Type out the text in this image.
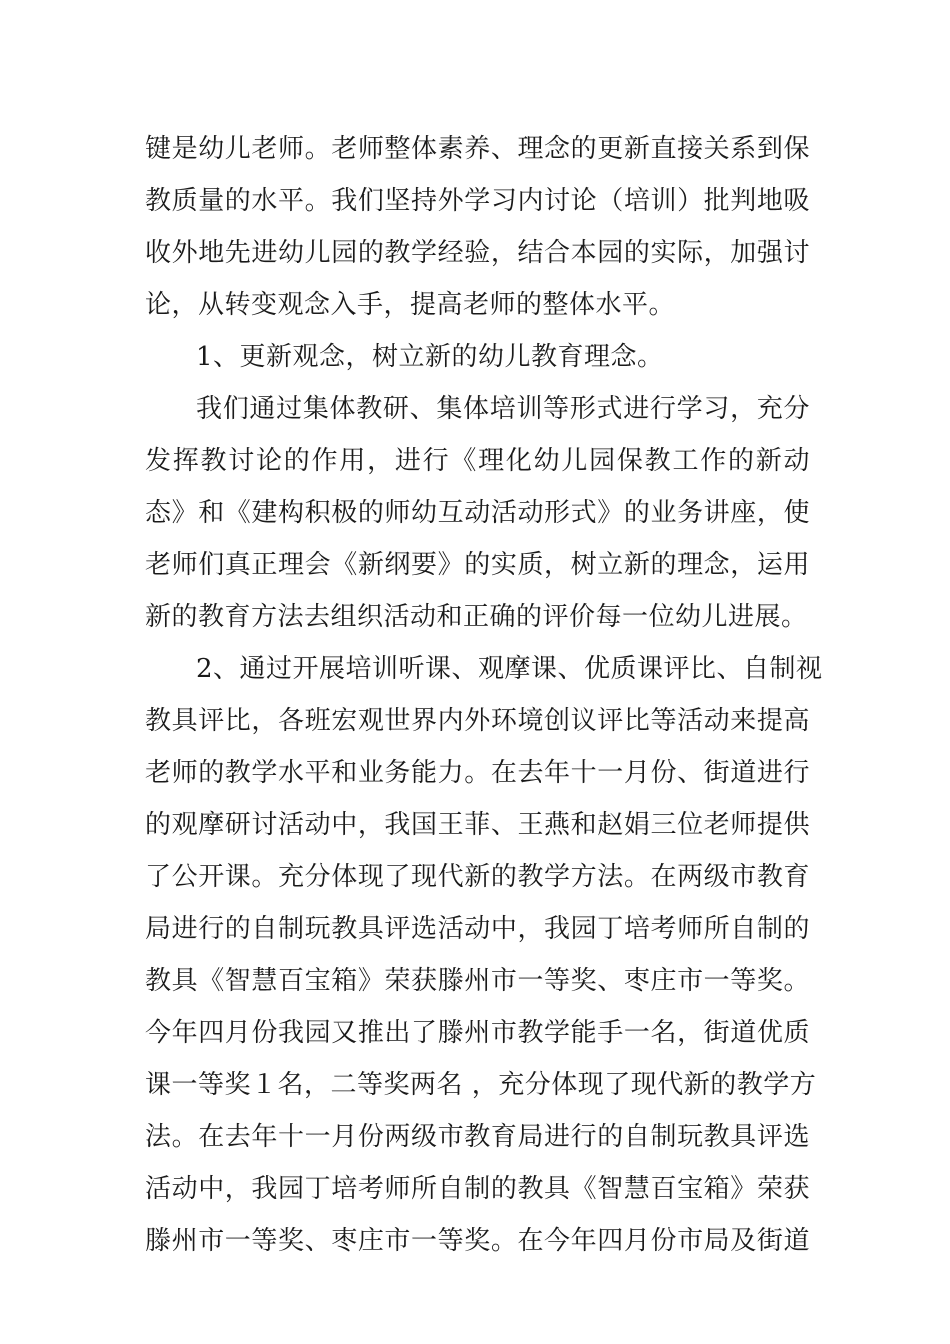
键是幼儿老师。老师整体素养、理念的更新直接关系到保
教质量的水平。我们坚持外学习内讨论（培训）批判地吸
收外地先进幼儿园的教学经验，结合本园的实际，加强讨
论，从转变观念入手，提高老师的整体水平。
1、更新观念，树立新的幼儿教育理念。
我们通过集体教研、集体培训等形式进行学习，充分
发挥教讨论的作用，进行《理化幼儿园保教工作的新动
态》和《建构积极的师幼互动活动形式》的业务讲座，使
老师们真正理会《新纲要》的实质，树立新的理念，运用
新的教育方法去组织活动和正确的评价每一位幼儿进展。
2、通过开展培训听课、观摩课、优质课评比、自制视
教具评比，各班宏观世界内外环境创议评比等活动来提高
老师的教学水平和业务能力。在去年十一月份、街道进行
的观摩研讨活动中，我国王菲、王燕和赵娟三位老师提供
了公开课。充分体现了现代新的教学方法。在两级市教育
局进行的自制玩教具评选活动中，我园丁培考师所自制的
教具《智慧百宝箱》荣获滕州市一等奖、枣庄市一等奖。
今年四月份我园又推出了滕州市教学能手一名，街道优质
课一等奖１名，二等奖两名 ，充分体现了现代新的教学方
法。在去年十一月份两级市教育局进行的自制玩教具评选
活动中，我园丁培考师所自制的教具《智慧百宝箱》荣获
滕州市一等奖、枣庄市一等奖。在今年四月份市局及街道
